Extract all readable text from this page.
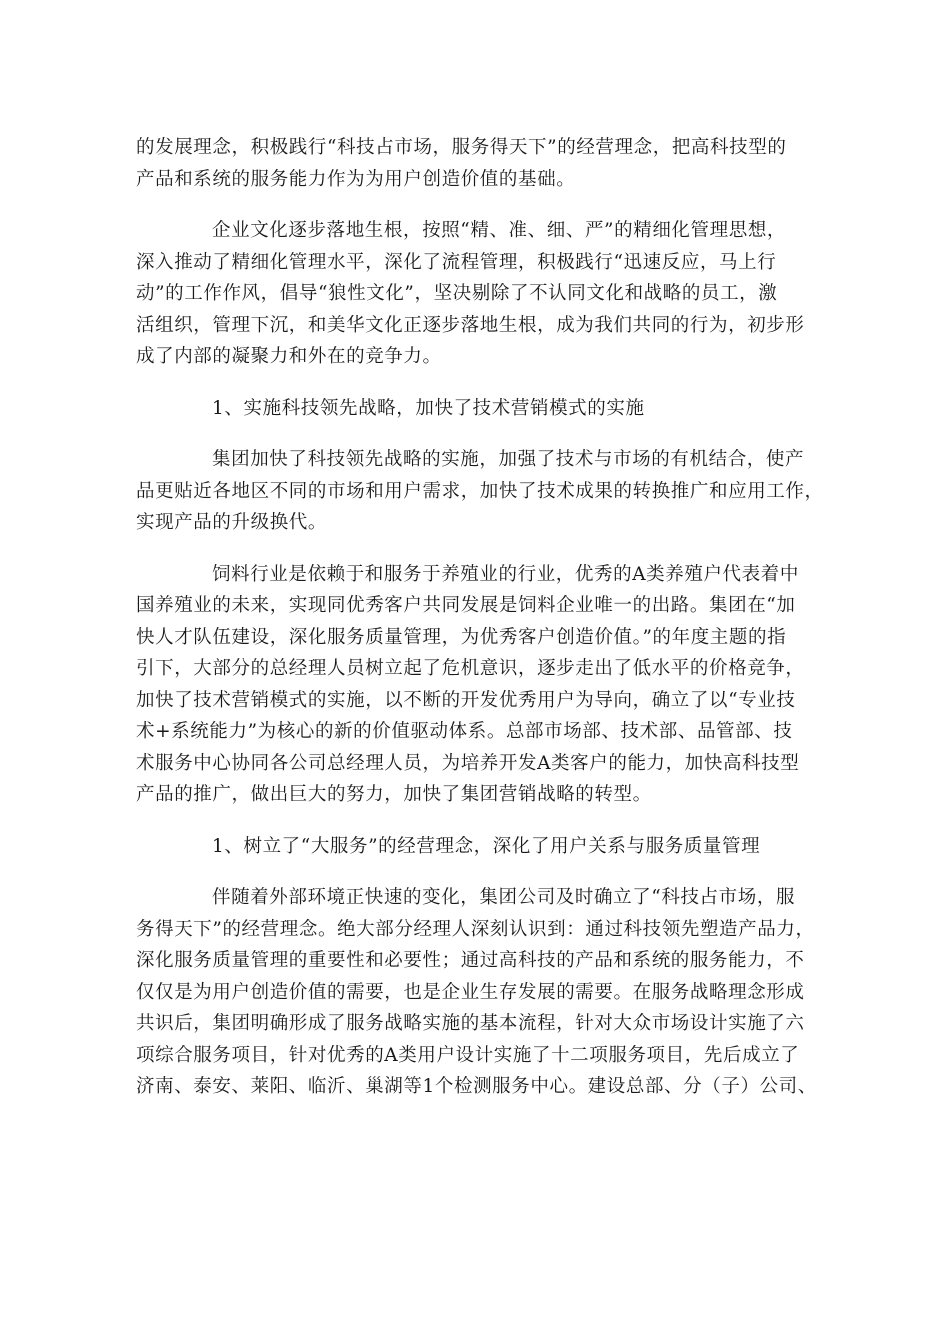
的发展理念，积极践行“科技占市场，服务得天下”的经营理念，把高科技型的
产品和系统的服务能力作为为用户创造价值的基础。

企业文化逐步落地生根，按照“精、准、细、严”的精细化管理思想，
深入推动了精细化管理水平，深化了流程管理，积极践行“迅速反应，马上行
动”的工作作风，倡导“狼性文化”，坚决剔除了不认同文化和战略的员工，激
活组织，管理下沉，和美华文化正逐步落地生根，成为我们共同的行为，初步形
成了内部的凝聚力和外在的竞争力。

1、实施科技领先战略，加快了技术营销模式的实施

集团加快了科技领先战略的实施，加强了技术与市场的有机结合，使产
品更贴近各地区不同的市场和用户需求，加快了技术成果的转换推广和应用工作，
实现产品的升级换代。

饲料行业是依赖于和服务于养殖业的行业，优秀的A类养殖户代表着中
国养殖业的未来，实现同优秀客户共同发展是饲料企业唯一的出路。集团在“加
快人才队伍建设，深化服务质量管理，为优秀客户创造价值。”的年度主题的指
引下，大部分的总经理人员树立起了危机意识，逐步走出了低水平的价格竞争，
加快了技术营销模式的实施，以不断的开发优秀用户为导向，确立了以“专业技
术+系统能力”为核心的新的价值驱动体系。总部市场部、技术部、品管部、技
术服务中心协同各公司总经理人员，为培养开发A类客户的能力，加快高科技型
产品的推广，做出巨大的努力，加快了集团营销战略的转型。

1、树立了“大服务”的经营理念，深化了用户关系与服务质量管理

伴随着外部环境正快速的变化，集团公司及时确立了“科技占市场，服
务得天下”的经营理念。绝大部分经理人深刻认识到：通过科技领先塑造产品力，
深化服务质量管理的重要性和必要性；通过高科技的产品和系统的服务能力，不
仅仅是为用户创造价值的需要，也是企业生存发展的需要。在服务战略理念形成
共识后，集团明确形成了服务战略实施的基本流程，针对大众市场设计实施了六
项综合服务项目，针对优秀的A类用户设计实施了十二项服务项目，先后成立了
济南、泰安、莱阳、临沂、巢湖等1个检测服务中心。建设总部、分（子）公司、
